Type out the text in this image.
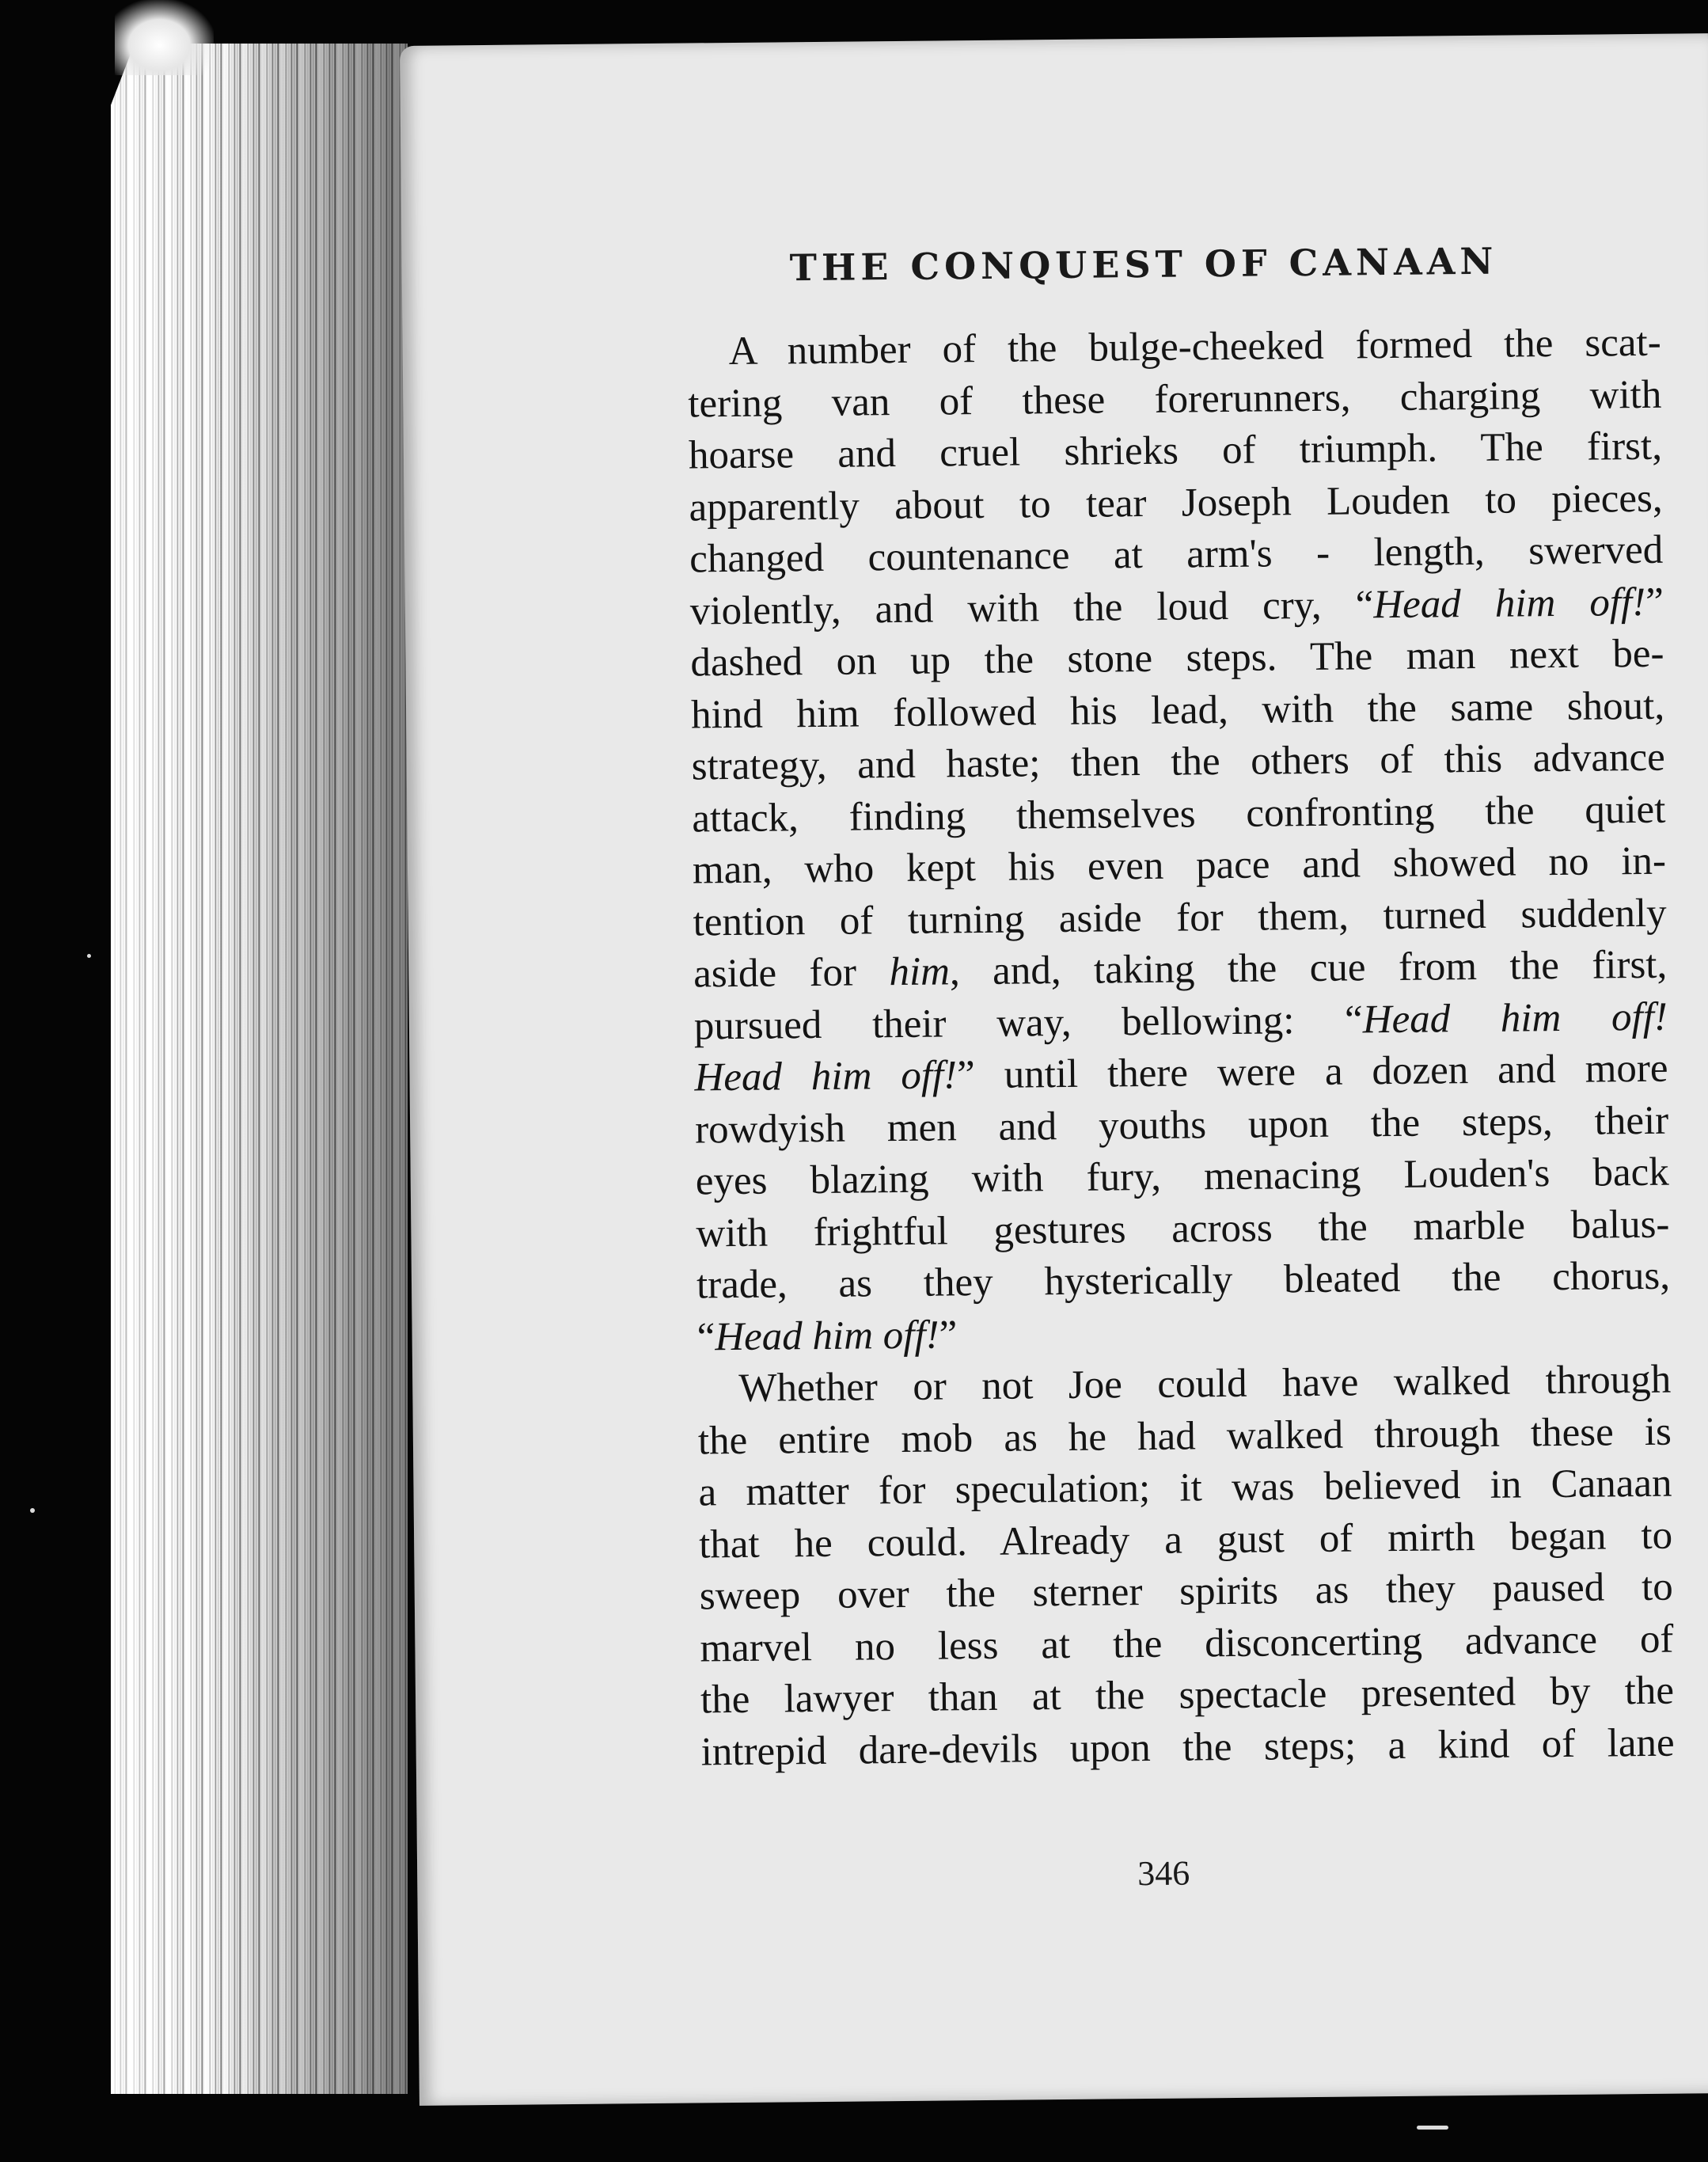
THE CONQUEST OF CANAAN
A number of the bulge-cheeked formed the scat-
tering van of these forerunners, charging with
hoarse and cruel shrieks of triumph. The first,
apparently about to tear Joseph Louden to pieces,
changed countenance at arm's - length, swerved
violently, and with the loud cry, “Head him off!”
dashed on up the stone steps. The man next be-
hind him followed his lead, with the same shout,
strategy, and haste; then the others of this advance
attack, finding themselves confronting the quiet
man, who kept his even pace and showed no in-
tention of turning aside for them, turned suddenly
aside for him, and, taking the cue from the first,
pursued their way, bellowing: “Head him off!
Head him off!” until there were a dozen and more
rowdyish men and youths upon the steps, their
eyes blazing with fury, menacing Louden's back
with frightful gestures across the marble balus-
trade, as they hysterically bleated the chorus,
“Head him off!”
Whether or not Joe could have walked through
the entire mob as he had walked through these is
a matter for speculation; it was believed in Canaan
that he could. Already a gust of mirth began to
sweep over the sterner spirits as they paused to
marvel no less at the disconcerting advance of
the lawyer than at the spectacle presented by the
intrepid dare-devils upon the steps; a kind of lane
346
